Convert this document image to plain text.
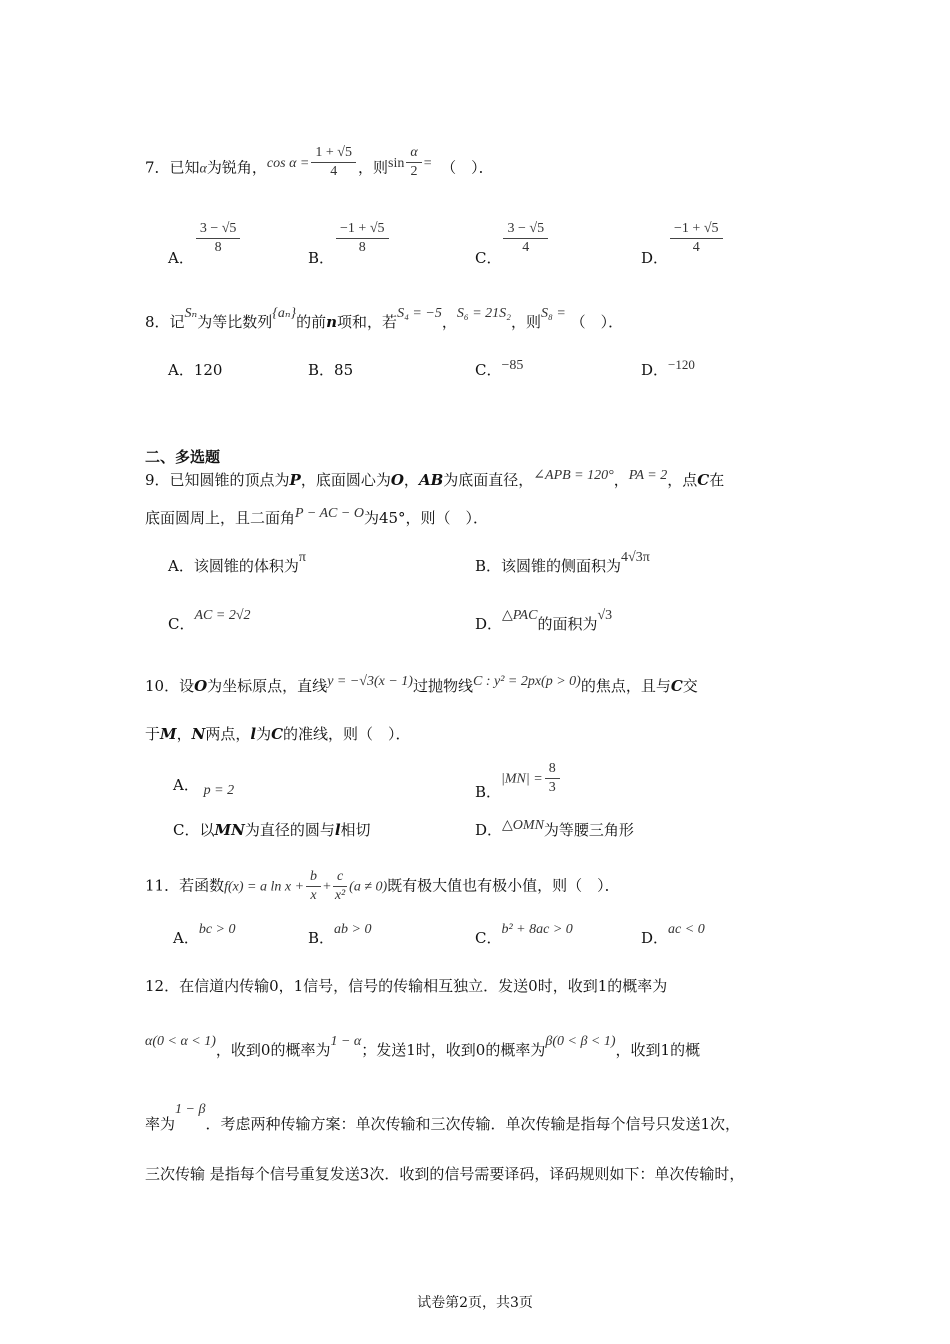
7．已知α为锐角，$\cos \alpha = \frac{1 + √5}{4}$ ，则$\sin \frac{\alpha}{2}$ = （　）．
A．
$\frac{3 - √5}{8}$
B．
$\frac{-1 + √5}{8}$
C．
$\frac{3 - √5}{4}$
D．
$\frac{-1 + √5}{4}$
8．记Sₙ为等比数列{aₙ}的前n项和，若S₄ = −5，S₆ = 21S₂，则S₈ = （　）．
A．120	B．85	C．−85	D．−120
二、多选题
9．已知圆锥的顶点为P，底面圆心为O，AB为底面直径，∠APB = 120°，PA = 2，点C在
底面圆周上，且二面角P − AC − O为45°，则（　）．
A．该圆锥的体积为π	B．该圆锥的侧面积为4√3π
C．AC = 2√2	D．△PAC的面积为√3
10．设O为坐标原点，直线y = −√3(x − 1)过抛物线C : y² = 2px(p > 0)的焦点，且与C交
于M，N两点，l为C的准线，则（　）．
A． p = 2	B．$|MN| = \frac{8}{3}$
C．以MN为直径的圆与l相切	D．△OMN为等腰三角形
11．若函数f(x) = a $\ln x + \frac{b}{x} + \frac{c}{\text{x²}} (a \ne 0)$既有极大值也有极小值，则（　）．
A．bc > 0	B．ab > 0	C．b² + 8ac > 0	D．ac < 0
12．在信道内传输0，1信号，信号的传输相互独立．发送0时，收到1的概率为
α(0 < α < 1)，收到0的概率为1 − α；发送1时，收到0的概率为β(0 < β < 1)，收到1的概
率为1 − β．考虑两种传输方案：单次传输和三次传输．单次传输是指每个信号只发送1次，
三次传输 是指每个信号重复发送3次．收到的信号需要译码，译码规则如下：单次传输时，
试卷第2页，共3页
